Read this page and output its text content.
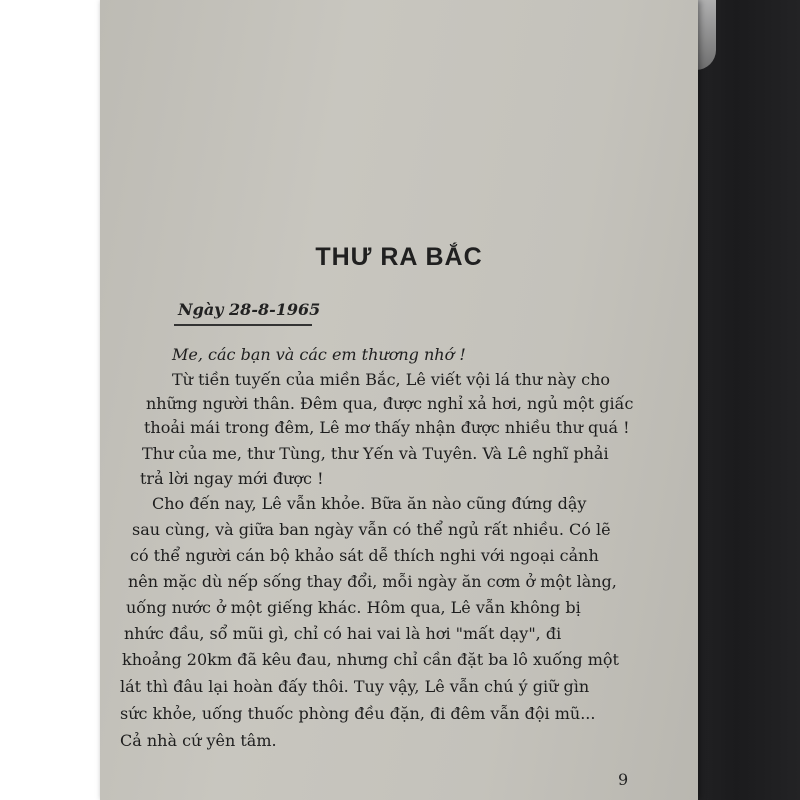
THƯ RA BẮC
Ngày 28-8-1965
Me, các bạn và các em thương nhớ !
Từ tiền tuyến của miền Bắc, Lê viết vội lá thư này cho
những người thân. Đêm qua, được nghỉ xả hơi, ngủ một giấc
thoải mái trong đêm, Lê mơ thấy nhận được nhiều thư quá !
Thư của me, thư Tùng, thư Yến và Tuyên. Và Lê nghĩ phải
trả lời ngay mới được !
Cho đến nay, Lê vẫn khỏe. Bữa ăn nào cũng đứng dậy
sau cùng, và giữa ban ngày vẫn có thể ngủ rất nhiều. Có lẽ
có thể người cán bộ khảo sát dễ thích nghi với ngoại cảnh
nên mặc dù nếp sống thay đổi, mỗi ngày ăn cơm ở một làng,
uống nước ở một giếng khác. Hôm qua, Lê vẫn không bị
nhức đầu, sổ mũi gì, chỉ có hai vai là hơi "mất dạy", đi
khoảng 20km đã kêu đau, nhưng chỉ cần đặt ba lô xuống một
lát thì đâu lại hoàn đấy thôi. Tuy vậy, Lê vẫn chú ý giữ gìn
sức khỏe, uống thuốc phòng đều đặn, đi đêm vẫn đội mũ...
Cả nhà cứ yên tâm.
9
